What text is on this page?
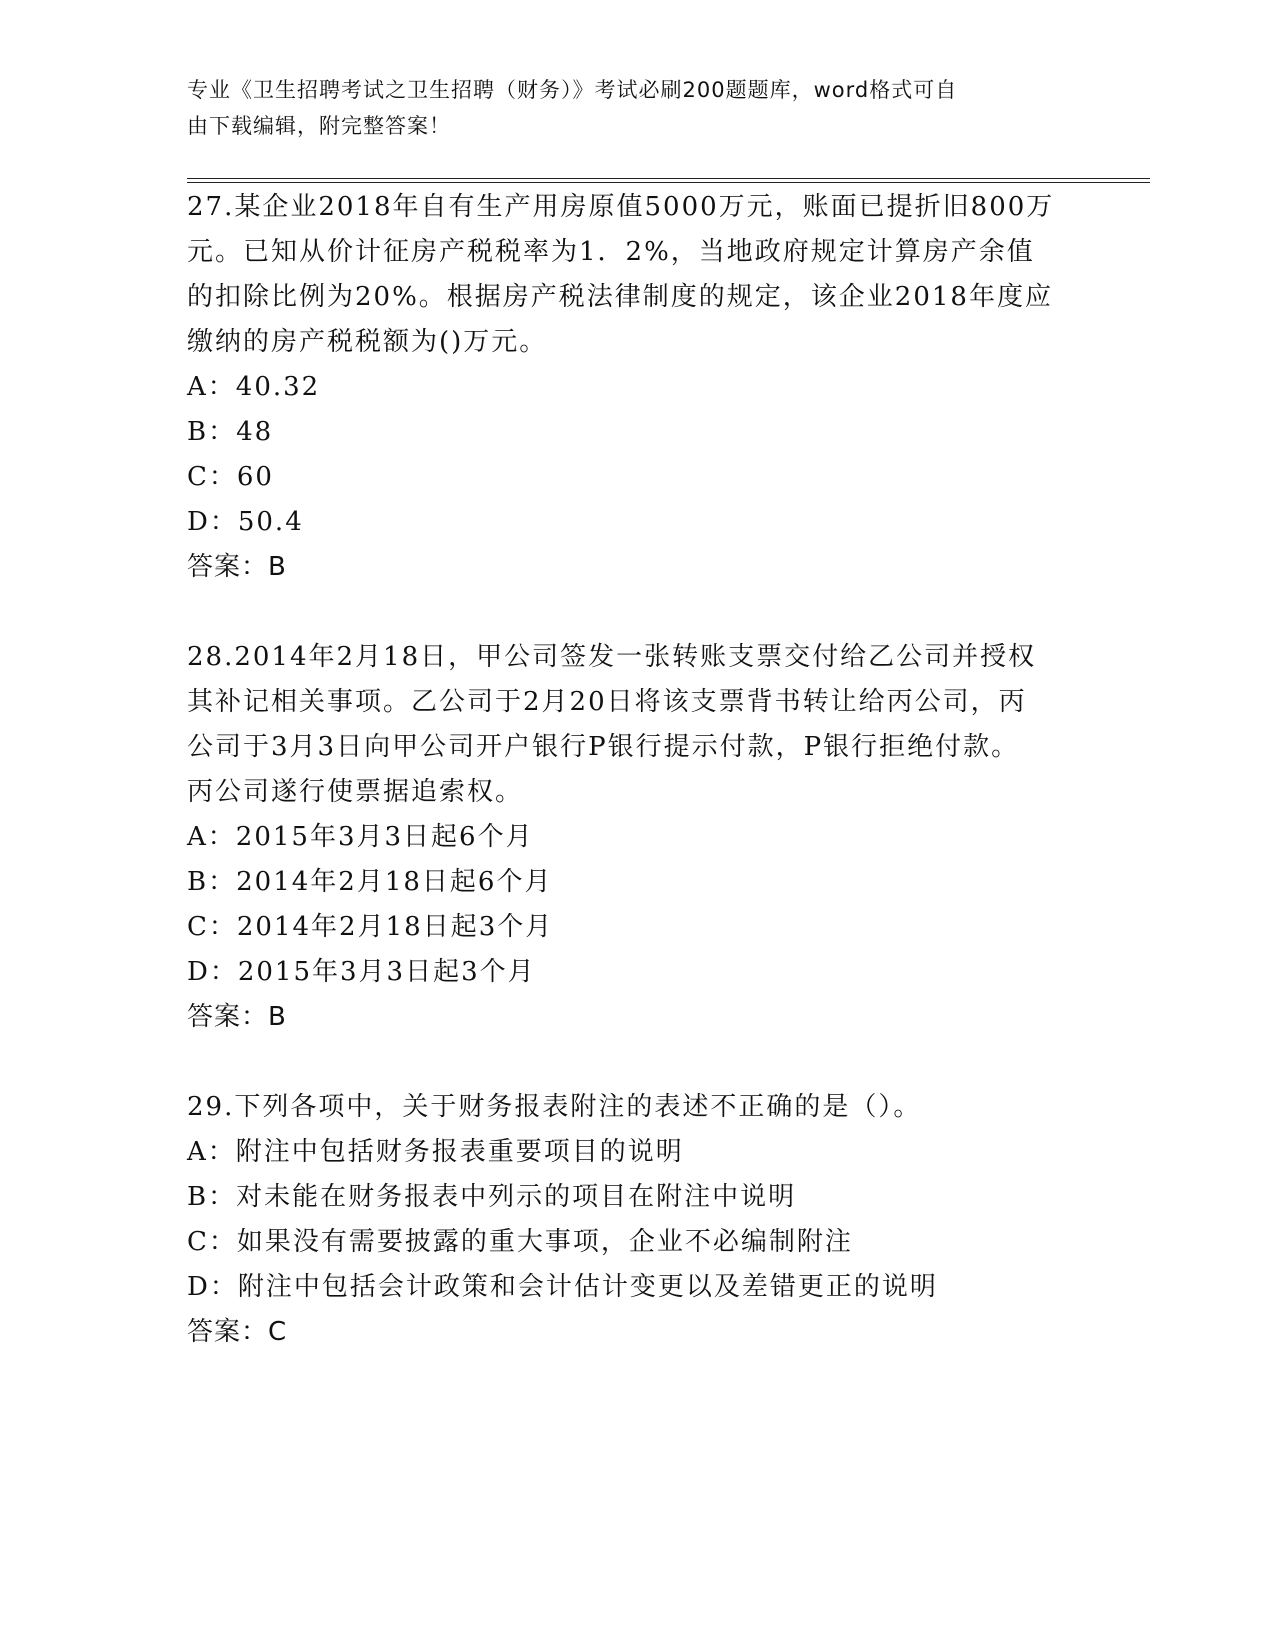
专业《卫生招聘考试之卫生招聘（财务）》考试必刷200题题库，word格式可自
由下载编辑，附完整答案！
27.某企业2018年自有生产用房原值5000万元，账面已提折旧800万
元。已知从价计征房产税税率为1．2%，当地政府规定计算房产余值
的扣除比例为20%。根据房产税法律制度的规定，该企业2018年度应
缴纳的房产税税额为()万元。
A：40.32
B：48
C：60
D：50.4
答案：B
28.2014年2月18日，甲公司签发一张转账支票交付给乙公司并授权
其补记相关事项。乙公司于2月20日将该支票背书转让给丙公司，丙
公司于3月3日向甲公司开户银行P银行提示付款，P银行拒绝付款。
丙公司遂行使票据追索权。
A：2015年3月3日起6个月
B：2014年2月18日起6个月
C：2014年2月18日起3个月
D：2015年3月3日起3个月
答案：B
29.下列各项中，关于财务报表附注的表述不正确的是（）。
A：附注中包括财务报表重要项目的说明
B：对未能在财务报表中列示的项目在附注中说明
C：如果没有需要披露的重大事项，企业不必编制附注
D：附注中包括会计政策和会计估计变更以及差错更正的说明
答案：C
